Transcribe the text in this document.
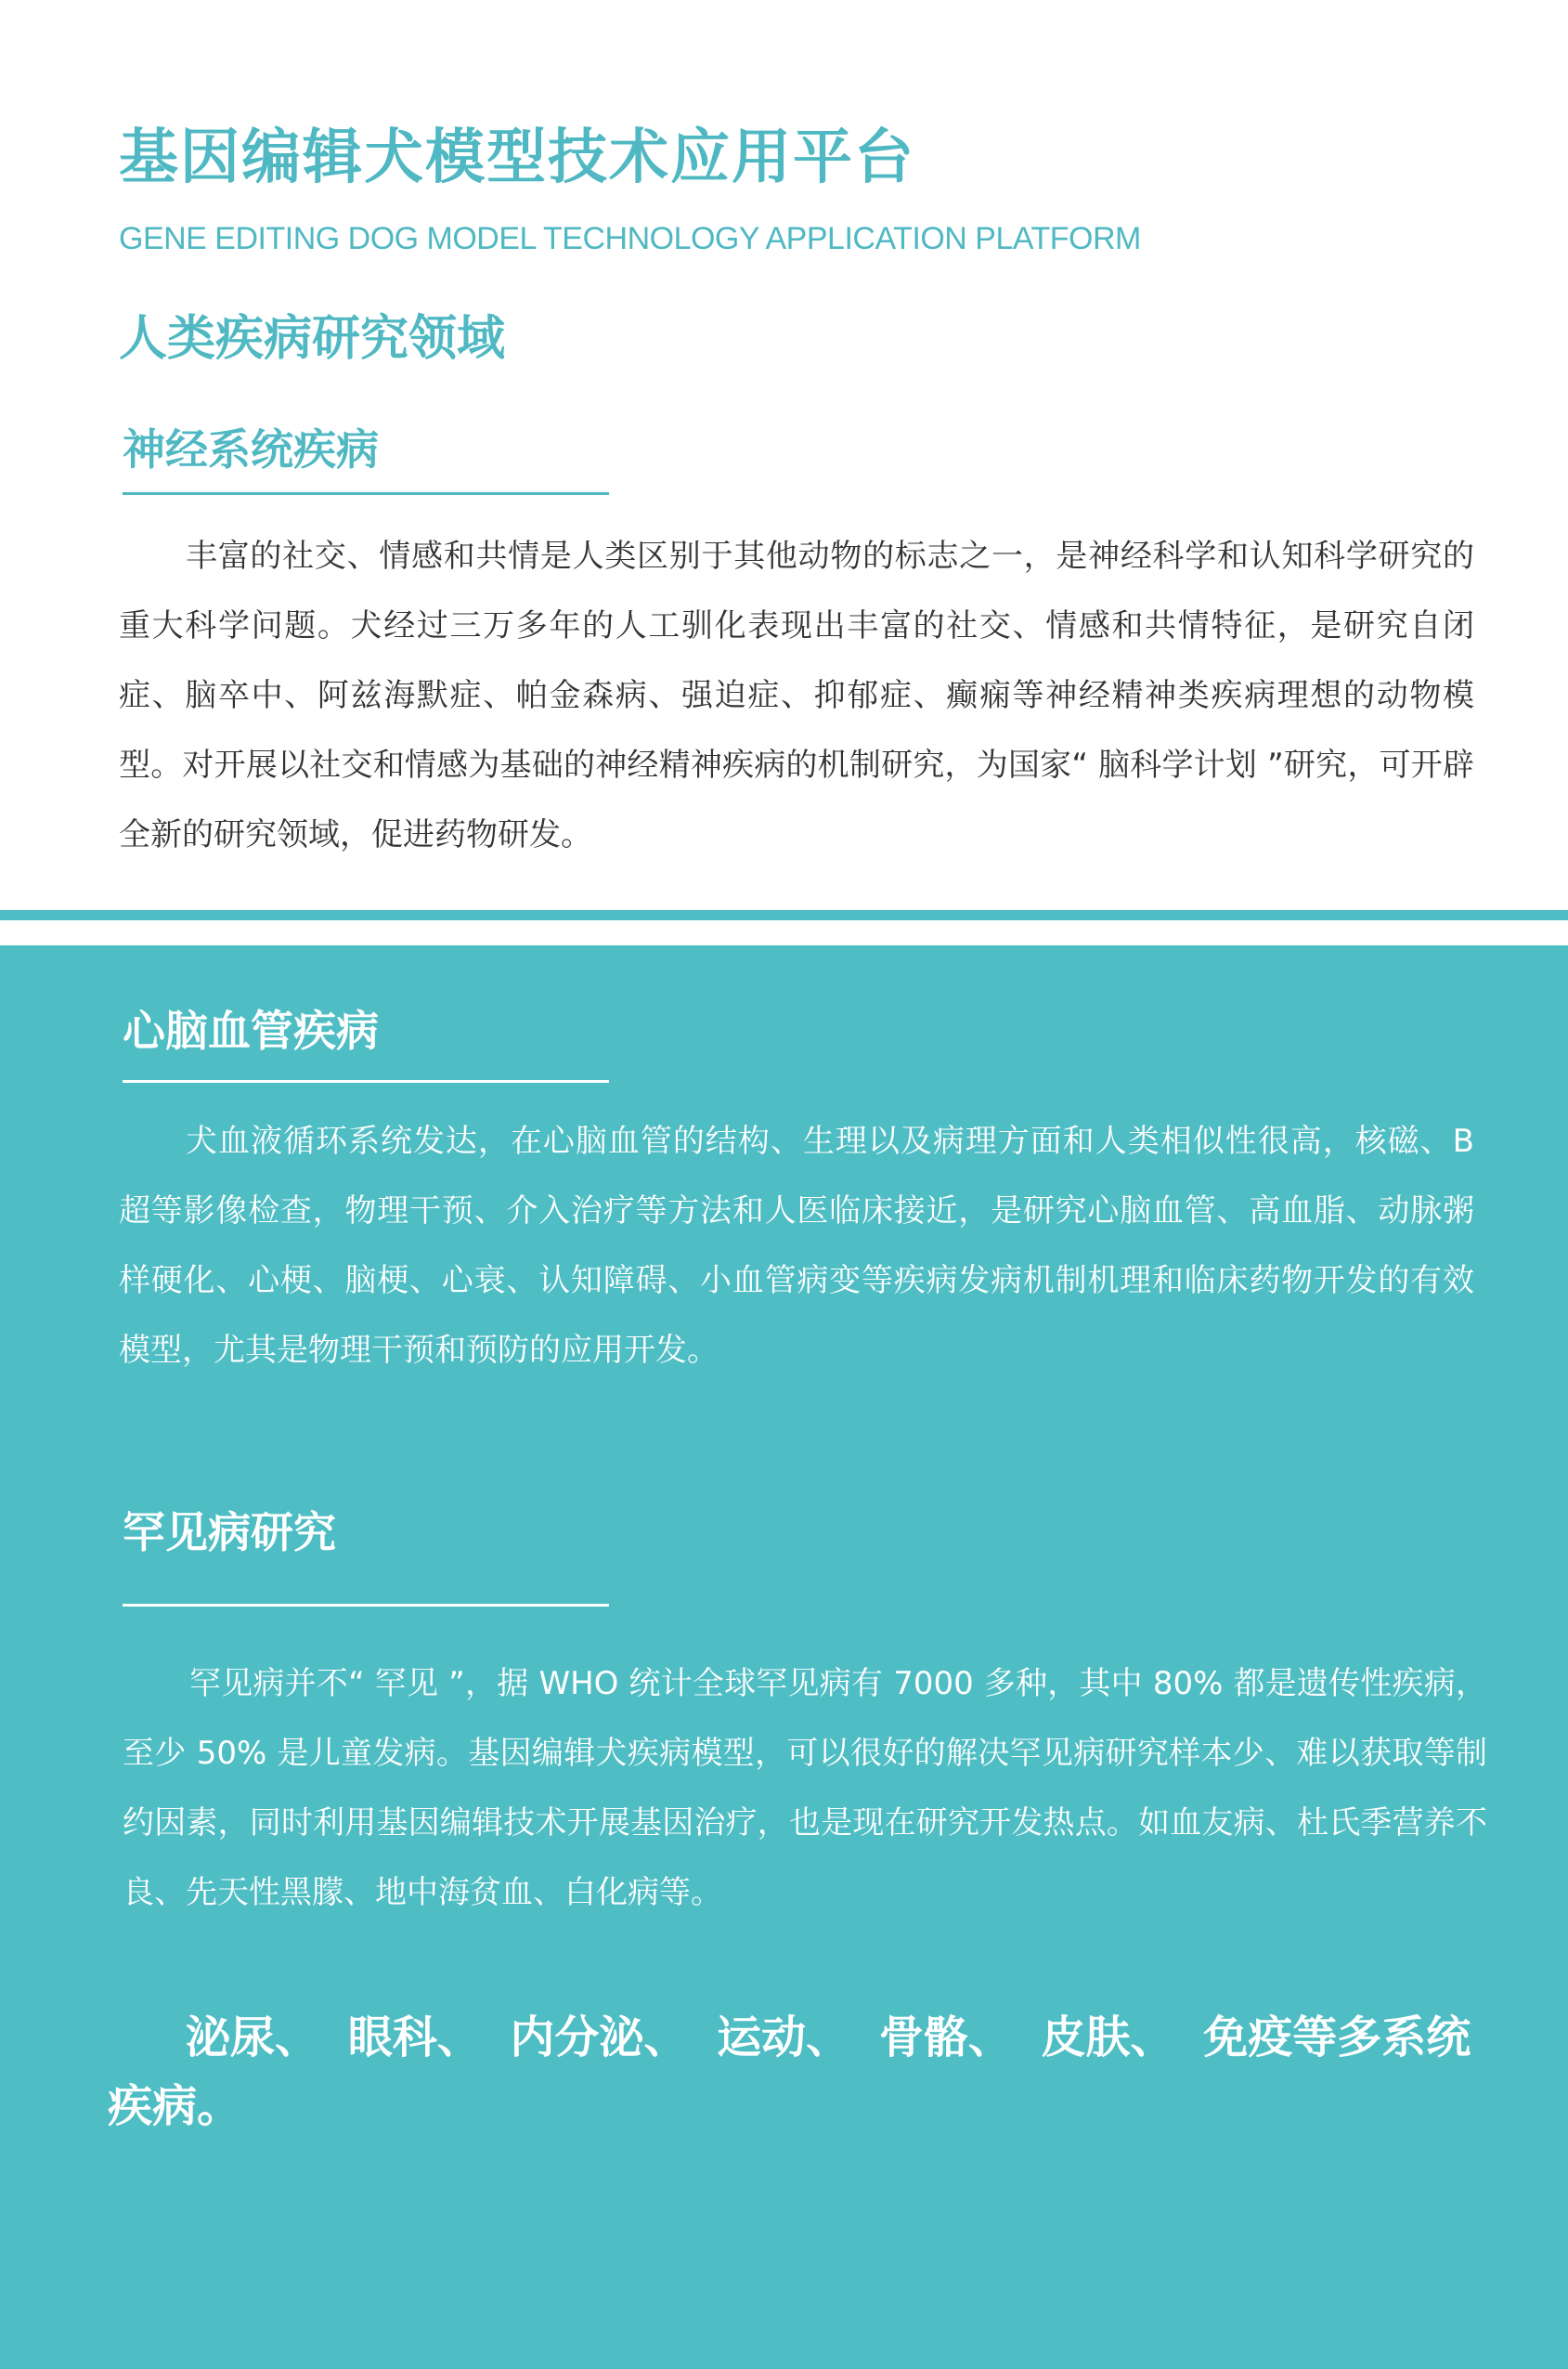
基因编辑犬模型技术应用平台

GENE EDITING DOG MODEL TECHNOLOGY APPLICATION PLATFORM

人类疾病研究领域
神经系统疾病

丰富的社交、情感和共情是人类区别于其他动物的标志之一，是神经科学和认知科学研究的重大科学问题。犬经过三万多年的人工驯化表现出丰富的社交、情感和共情特征，是研究自闭症、脑卒中、阿兹海默症、帕金森病、强迫症、抑郁症、癫痫等神经精神类疾病理想的动物模型。对开展以社交和情感为基础的神经精神疾病的机制研究，为国家“ 脑科学计划 ”研究，可开辟全新的研究领域，促进药物研发。

心脑血管疾病

犬血液循环系统发达，在心脑血管的结构、生理以及病理方面和人类相似性很高，核磁、B 超等影像检查，物理干预、介入治疗等方法和人医临床接近，是研究心脑血管、高血脂、动脉粥样硬化、心梗、脑梗、心衰、认知障碍、小血管病变等疾病发病机制机理和临床药物开发的有效模型，尤其是物理干预和预防的应用开发。

罕见病研究

罕见病并不“ 罕见 ”，据 WHO 统计全球罕见病有 7000 多种，其中 80% 都是遗传性疾病，至少 50% 是儿童发病。基因编辑犬疾病模型，可以很好的解决罕见病研究样本少、难以获取等制约因素，同时利用基因编辑技术开展基因治疗，也是现在研究开发热点。如血友病、杜氏季营养不良、先天性黑朦、地中海贫血、白化病等。

泌尿、 眼科、 内分泌、 运动、 骨骼、 皮肤、 免疫等多系统疾病。
